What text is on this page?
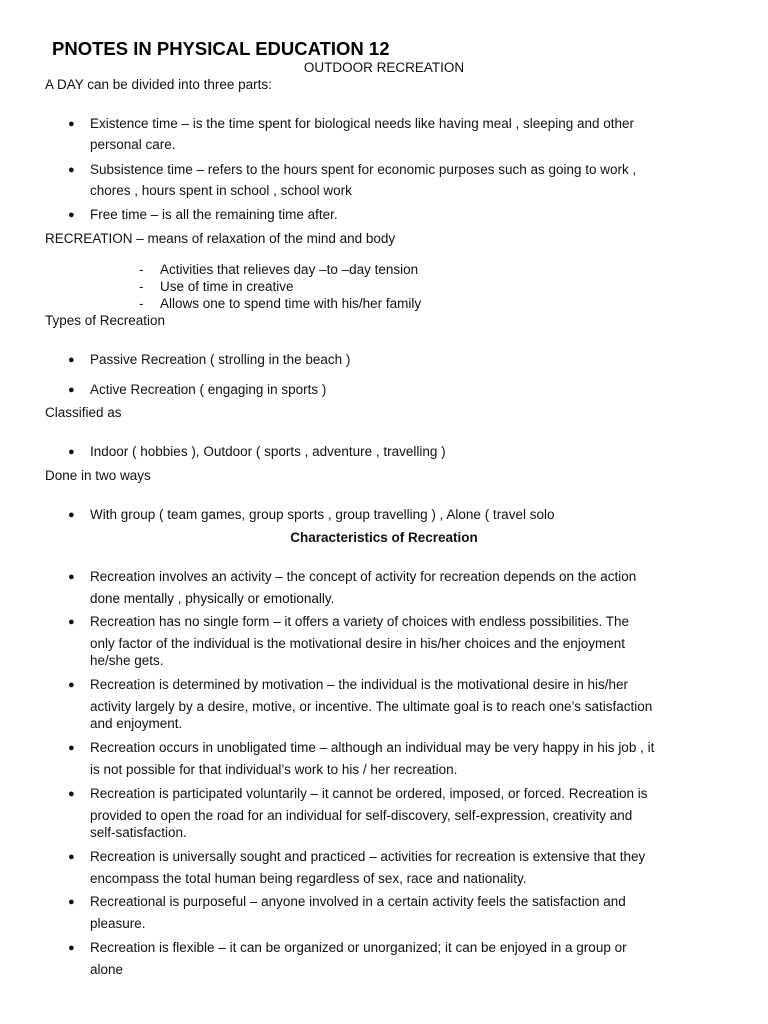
PNOTES IN PHYSICAL EDUCATION 12
OUTDOOR RECREATION
A DAY can be divided into three parts:
● Existence time – is the time spent for biological needs like having meal , sleeping and other
personal care.
● Subsistence time – refers to the hours spent for economic purposes such as going to work ,
chores , hours spent in school , school work
● Free time – is all the remaining time after.
RECREATION – means of relaxation of the mind and body
- Activities that relieves day –to –day tension
- Use of time in creative
- Allows one to spend time with his/her family
Types of Recreation
● Passive Recreation ( strolling in the beach )
● Active Recreation ( engaging in sports )
Classified as
● Indoor ( hobbies ), Outdoor ( sports , adventure , travelling )
Done in two ways
● With group ( team games, group sports , group travelling ) , Alone ( travel solo
Characteristics of Recreation
● Recreation involves an activity – the concept of activity for recreation depends on the action
done mentally , physically or emotionally.
● Recreation has no single form – it offers a variety of choices with endless possibilities. The
only factor of the individual is the motivational desire in his/her choices and the enjoyment
he/she gets.
● Recreation is determined by motivation – the individual is the motivational desire in his/her
activity largely by a desire, motive, or incentive. The ultimate goal is to reach one’s satisfaction
and enjoyment.
● Recreation occurs in unobligated time – although an individual may be very happy in his job , it
is not possible for that individual’s work to his / her recreation.
● Recreation is participated voluntarily – it cannot be ordered, imposed, or forced. Recreation is
provided to open the road for an individual for self-discovery, self-expression, creativity and
self-satisfaction.
● Recreation is universally sought and practiced – activities for recreation is extensive that they
encompass the total human being regardless of sex, race and nationality.
● Recreational is purposeful – anyone involved in a certain activity feels the satisfaction and
pleasure.
● Recreation is flexible – it can be organized or unorganized; it can be enjoyed in a group or
alone
